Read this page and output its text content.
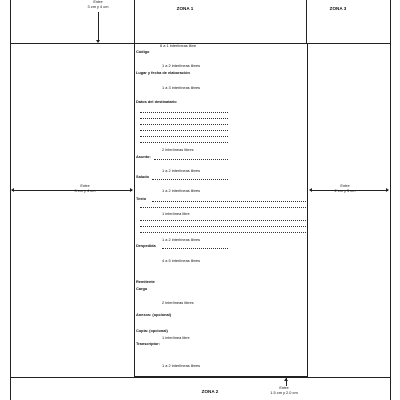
Entre
3 cm y 4 cm	ZONA 1	ZONA 3
Entre
3 cm y 4 cm
Entre
2 cm y 3 cm
ZONA 2
Entre
1.5 cm y 2.0 cm
6 a 1 interlíneas libre
Código
1 a 2 interlíneas libres
Lugar y fecha de elaboración
1 a 3 interlíneas libres
Datos del destinatario
2 interlíneas libres
Asunto:
1 a 2 interlíneas libres
Saludo
1 a 2 interlíneas libres
Texto
1 interlínea libre
1 a 2 interlíneas libres
Despedida
4 a 5 interlíneas libres
Remitente
Cargo
2 interlíneas libres
Anexos: (opcional)
Copia: (opcional)
1 interlínea libre
Transcriptor:
1 a 2 interlíneas libres
